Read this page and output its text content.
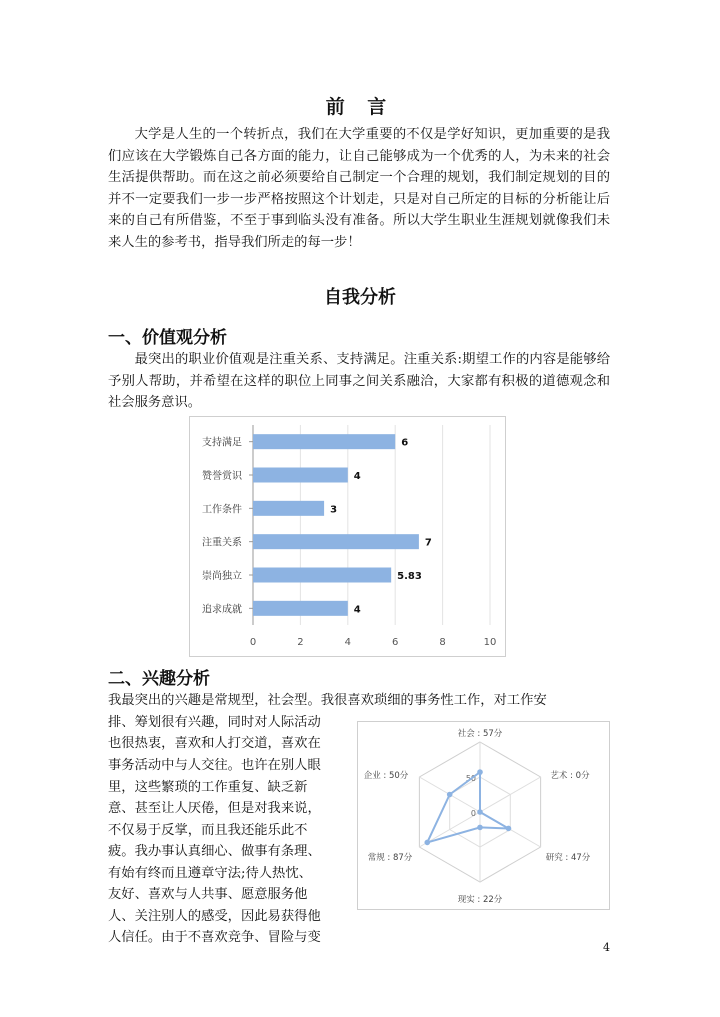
前 言

大学是人生的一个转折点，我们在大学重要的不仅是学好知识，更加重要的是我们应该在大学锻炼自己各方面的能力，让自己能够成为一个优秀的人，为未来的社会生活提供帮助。而在这之前必须要给自己制定一个合理的规划，我们制定规划的目的并不一定要我们一步一步严格按照这个计划走，只是对自己所定的目标的分析能让后来的自己有所借鉴，不至于事到临头没有准备。所以大学生职业生涯规划就像我们未来人生的参考书，指导我们所走的每一步！

自我分析
一、价值观分析

最突出的职业价值观是注重关系、支持满足。注重关系:期望工作的内容是能够给予别人帮助，并希望在这样的职位上同事之间关系融洽，大家都有积极的道德观念和社会服务意识。

0	2	4	6	8	10
支持满足	6
赞誉赏识	4
工作条件	3
注重关系	7
崇尚独立	5.83
追求成就	4
二、兴趣分析

我最突出的兴趣是常规型，社会型。我很喜欢琐细的事务性工作，对工作安

排、筹划很有兴趣，同时对人际活动

也很热衷，喜欢和人打交道，喜欢在

事务活动中与人交往。也许在别人眼

里，这些繁琐的工作重复、缺乏新

意、甚至让人厌倦，但是对我来说，

不仅易于反掌，而且我还能乐此不

疲。我办事认真细心、做事有条理、

有始有终而且遵章守法;待人热忱、

友好、喜欢与人共事、愿意服务他

人、关注别人的感受，因此易获得他

人信任。由于不喜欢竞争、冒险与变

50
0
社会 : 57分
艺术 : 0分
研究 : 47分
现实 : 22分
常规 : 87分
企业 : 50分
4
